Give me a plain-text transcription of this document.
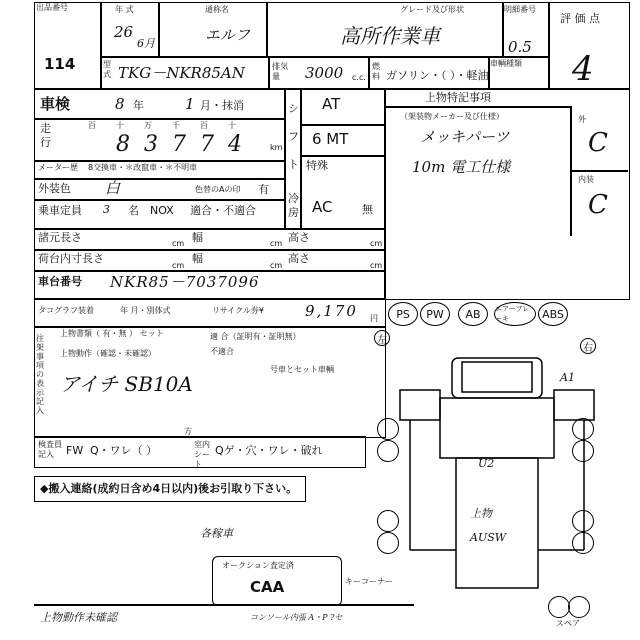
出品番号
114
年 式
26
6月
通称名
エルフ
グレード及び形状
高所作業車
明細番号
0.5
評 価 点
4
型式 TKG－NKR85AN	排気量	3000 c.c.
燃料 ガソリン・（ ）・軽油
車輌種類
車検	8 年	1 月・抹消	シフト
AT
6 MT
特殊
走行
百	十	万	千	百	十
8 3 7 7 4	km
メーター歴 8交換車・＊改竄車・＊不明車
外装色 白	色替のAの印 有
乗車定員 3 名 NOX 適合・不適合
冷房 AC	無
諸元長さ	幅	高さ
cm	cm	cm
荷台内寸長さ	幅	高さ
cm	cm	cm
車台番号 NKR85－7037096
上物特記事項
（架装物メーカー及び仕様）
メッキパーツ
10m 電工仕様
外
C
内装
C
タコグラフ装着	年 月・別体式	リサイクル券¥	9,170 円	PS	PW	AB	エアーブレーキ	ABS
往架事項の表示記入
上物書類（ 有・無 ） セット	適 合（証明有・証明無）
不適合
上物動作（確認・未確認）
号車とセット車輌
アイチ SB10A
検査員記入	FW Q・ワレ（ ）
方
室内シート
Qゲ・穴・ワレ・破れ
◆搬入連絡(成約日含め4日以内)後お引取り下さい。
各稼車
オークション査定済
CAA	キーコーナー
上物動作未確認	コンソール内張 A・P ?セ
スペア
左
右
A1
U2
上物
AUSW
